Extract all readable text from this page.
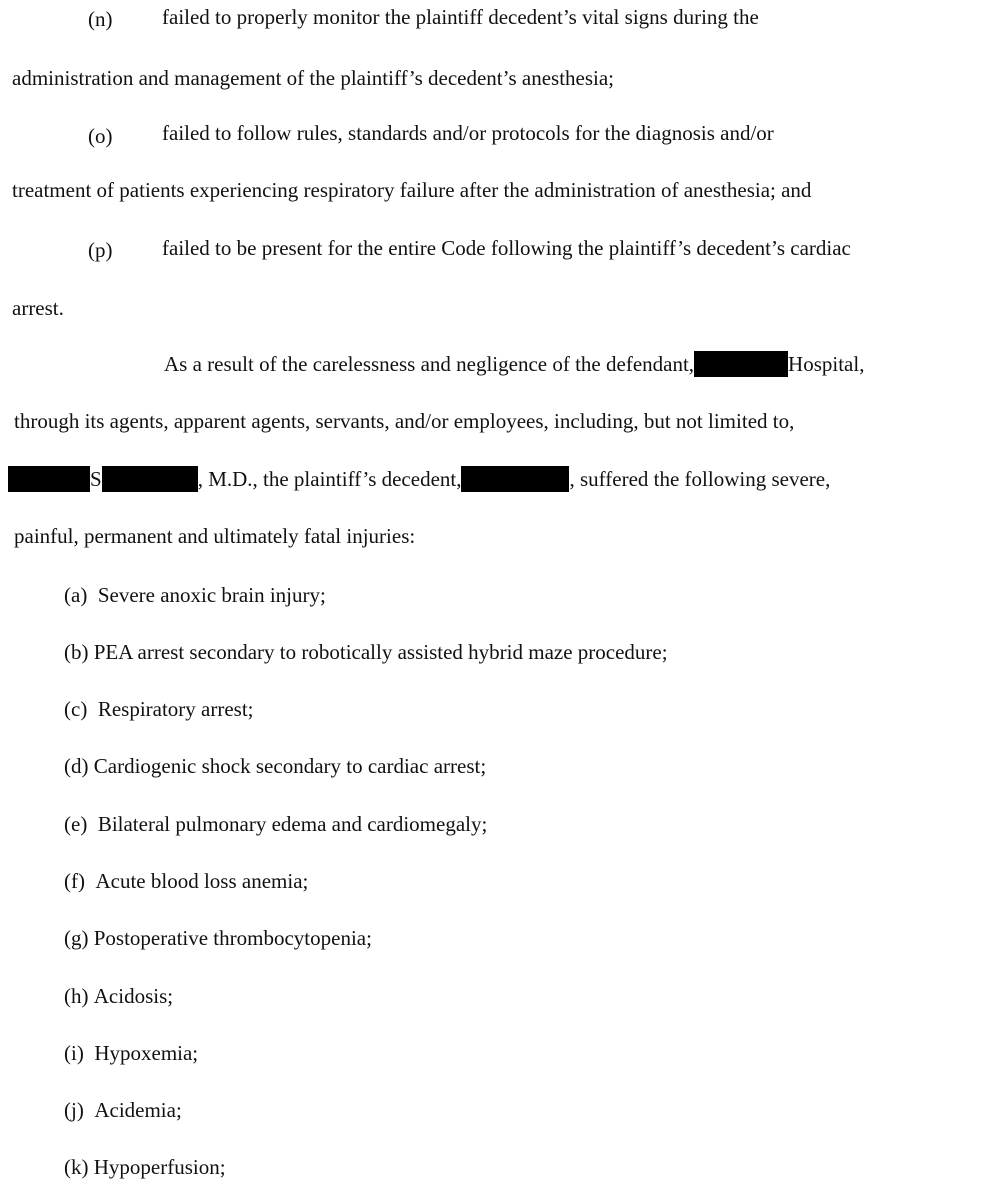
(n) failed to properly monitor the plaintiff decedent’s vital signs during the
administration and management of the plaintiff’s decedent’s anesthesia;
(o) failed to follow rules, standards and/or protocols for the diagnosis and/or
treatment of patients experiencing respiratory failure after the administration of anesthesia; and
(p) failed to be present for the entire Code following the plaintiff’s decedent’s cardiac
arrest.
As a result of the carelessness and negligence of the defendant,	Hospital,
through its agents, apparent agents, servants, and/or employees, including, but not limited to,
S	, M.D., the plaintiff’s decedent,	, suffered the following severe,
painful, permanent and ultimately fatal injuries:
(a) Severe anoxic brain injury;
(b) PEA arrest secondary to robotically assisted hybrid maze procedure;
(c) Respiratory arrest;
(d) Cardiogenic shock secondary to cardiac arrest;
(e) Bilateral pulmonary edema and cardiomegaly;
(f) Acute blood loss anemia;
(g) Postoperative thrombocytopenia;
(h) Acidosis;
(i) Hypoxemia;
(j) Acidemia;
(k) Hypoperfusion;
